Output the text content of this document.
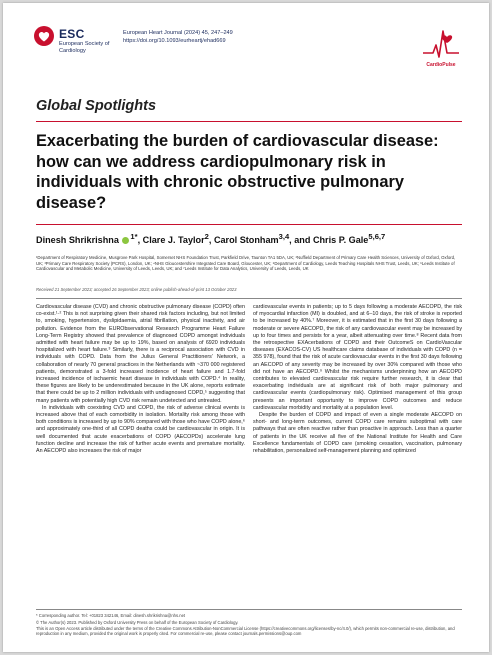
ESC
European Society of Cardiology
European Heart Journal (2024) 45, 247–249
https://doi.org/10.1093/eurheartj/ehad669
CardioPulse
Global Spotlights
Exacerbating the burden of cardiovascular disease: how can we address cardiopulmonary risk in individuals with chronic obstructive pulmonary disease?
Dinesh Shrikrishna $^{1*}$, Clare J. Taylor$^2$, Carol Stonham$^{3,4}$, and Chris P. Gale$^{5,6,7}$

¹Department of Respiratory Medicine, Musgrove Park Hospital, Somerset NHS Foundation Trust, Parkfield Drive, Taunton TA1 5DA, UK; ²Nuffield Department of Primary Care Health Sciences, University of Oxford, Oxford, UK; ³Primary Care Respiratory Society (PCRS), London, UK; ⁴NHS Gloucestershire Integrated Care Board, Gloucester, UK; ⁵Department of Cardiology, Leeds Teaching Hospitals NHS Trust, Leeds, UK; ⁶Leeds Institute of Cardiovascular and Metabolic Medicine, University of Leeds, Leeds, UK; and ⁷Leeds Institute for Data Analytics, University of Leeds, Leeds, UK

Received 21 September 2023; accepted 26 September 2023; online publish-ahead-of-print 13 October 2023

Cardiovascular disease (CVD) and chronic obstructive pulmonary disease (COPD) often co-exist.¹·² This is not surprising given their shared risk factors including, but not limited to, smoking, hypertension, dyslipidaemia, atrial fibrillation, physical inactivity, and air pollution. Evidence from the EURObservational Research Programme Heart Failure Long-Term Registry showed that prevalence of diagnosed COPD amongst individuals admitted with heart failure may be up to 19%, based on analysis of 6920 individuals hospitalized with heart failure.³ Similarly, there is a reciprocal association with CVD in individuals with COPD. Data from the Julius General Practitioners’ Network, a collaboration of nearly 70 general practices in the Netherlands with ~370 000 registered patients, demonstrated a 3-fold increased incidence of heart failure and 1.7-fold increased incidence of ischaemic heart disease in individuals with COPD.⁴ In reality, these figures are likely to be underestimated because in the UK alone, reports estimate that there could be up to 2 million individuals with undiagnosed COPD,⁵ suggesting that many patients with potentially high CVD risk remain undetected and untreated.

In individuals with coexisting CVD and COPD, the risk of adverse clinical events is increased above that of each comorbidity in isolation. Mortality risk among those with both conditions is increased by up to 90% compared with those who have COPD alone,⁶ and approximately one-third of all COPD deaths could be cardiovascular in origin. It is well documented that acute exacerbations of COPD (AECOPDs) accelerate lung function decline and increase the risk of further acute events and premature mortality. An AECOPD also increases the risk of major

cardiovascular events in patients; up to 5 days following a moderate AECOPD, the risk of myocardial infarction (MI) is doubled, and at 6–10 days, the risk of stroke is reported to be increased by 40%.⁷ Moreover, it is estimated that in the first 30 days following a moderate or severe AECOPD, the risk of any cardiovascular event may be increased by up to four times and persists for a year, albeit attenuating over time.⁸ Recent data from the retrospective EXAcerbations of COPD and their OutcomeS on CardioVascular diseases (EXACOS-CV) US healthcare claims database of individuals with COPD (n = 355 978), found that the risk of acute cardiovascular events in the first 30 days following an AECOPD of any severity may be increased by over 30% compared with those who did not have an AECOPD.⁹ Whilst the mechanisms underpinning how an AECOPD contributes to elevated cardiovascular risk require further research, it is clear that exacerbating individuals are at significant risk of both major pulmonary and cardiovascular events (cardiopulmonary risk). Optimised management of this group presents an important opportunity to improve COPD outcomes and reduce cardiovascular morbidity and mortality at a population level.

Despite the burden of COPD and impact of even a single moderate AECOPD on short- and long-term outcomes, current COPD care remains suboptimal with care pathways that are often reactive rather than proactive in approach. Less than a quarter of patients in the UK receive all five of the National Institute for Health and Care Excellence fundamentals of COPD care (smoking cessation, vaccination, pulmonary rehabilitation, personalized self-management planning and optimized

* Corresponding author. Tel: +01823 342146, Email: dinesh.shrikrishna@nhs.net

© The Author(s) 2023. Published by Oxford University Press on behalf of the European Society of Cardiology.

This is an Open Access article distributed under the terms of the Creative Commons Attribution-NonCommercial License (https://creativecommons.org/licenses/by-nc/4.0/), which permits non-commercial re-use, distribution, and reproduction in any medium, provided the original work is properly cited. For commercial re-use, please contact journals.permissions@oup.com
